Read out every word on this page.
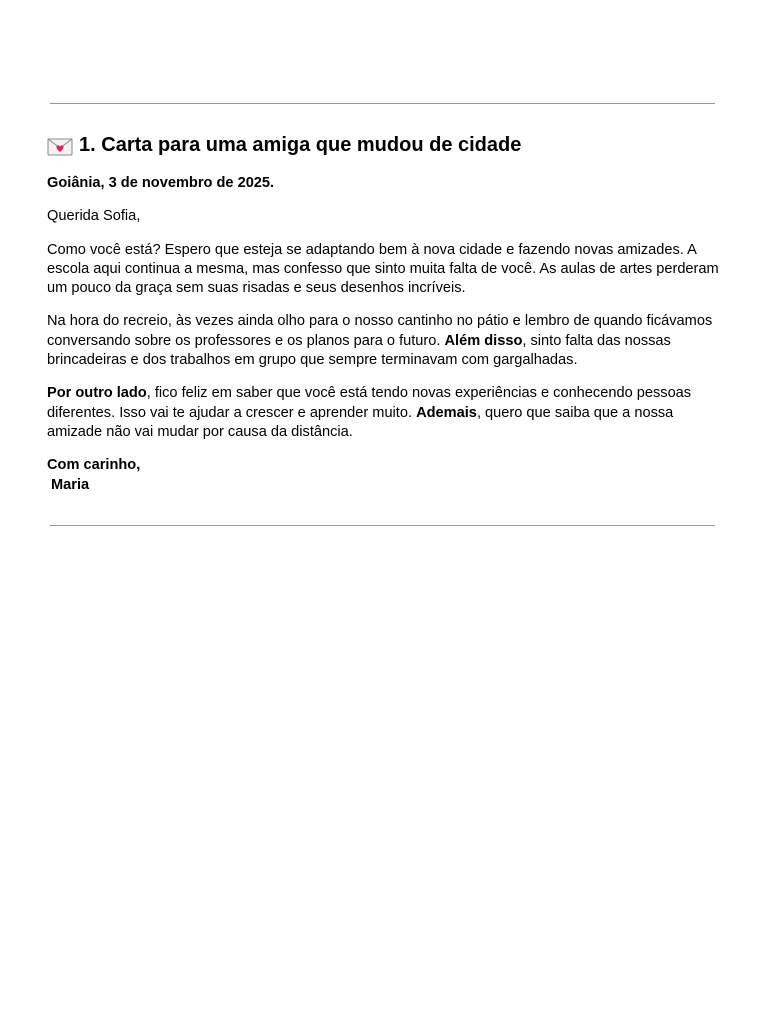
1.
Carta para uma amiga que mudou de cidade

Goiânia, 3 de novembro de 2025.

Querida Sofia,

Como você está? Espero que esteja se adaptando bem à nova cidade e fazendo novas amizades. A escola aqui continua a mesma, mas confesso que sinto muita falta de você. As aulas de artes perderam um pouco da graça sem suas risadas e seus desenhos incríveis.

Na hora do recreio, às vezes ainda olho para o nosso cantinho no pátio e lembro de quando ficávamos conversando sobre os professores e os planos para o futuro. Além disso, sinto falta das nossas brincadeiras e dos trabalhos em grupo que sempre terminavam com gargalhadas.

Por outro lado, fico feliz em saber que você está tendo novas experiências e conhecendo pessoas diferentes. Isso vai te ajudar a crescer e aprender muito. Ademais, quero que saiba que a nossa amizade não vai mudar por causa da distância.

Com carinho,
Maria
